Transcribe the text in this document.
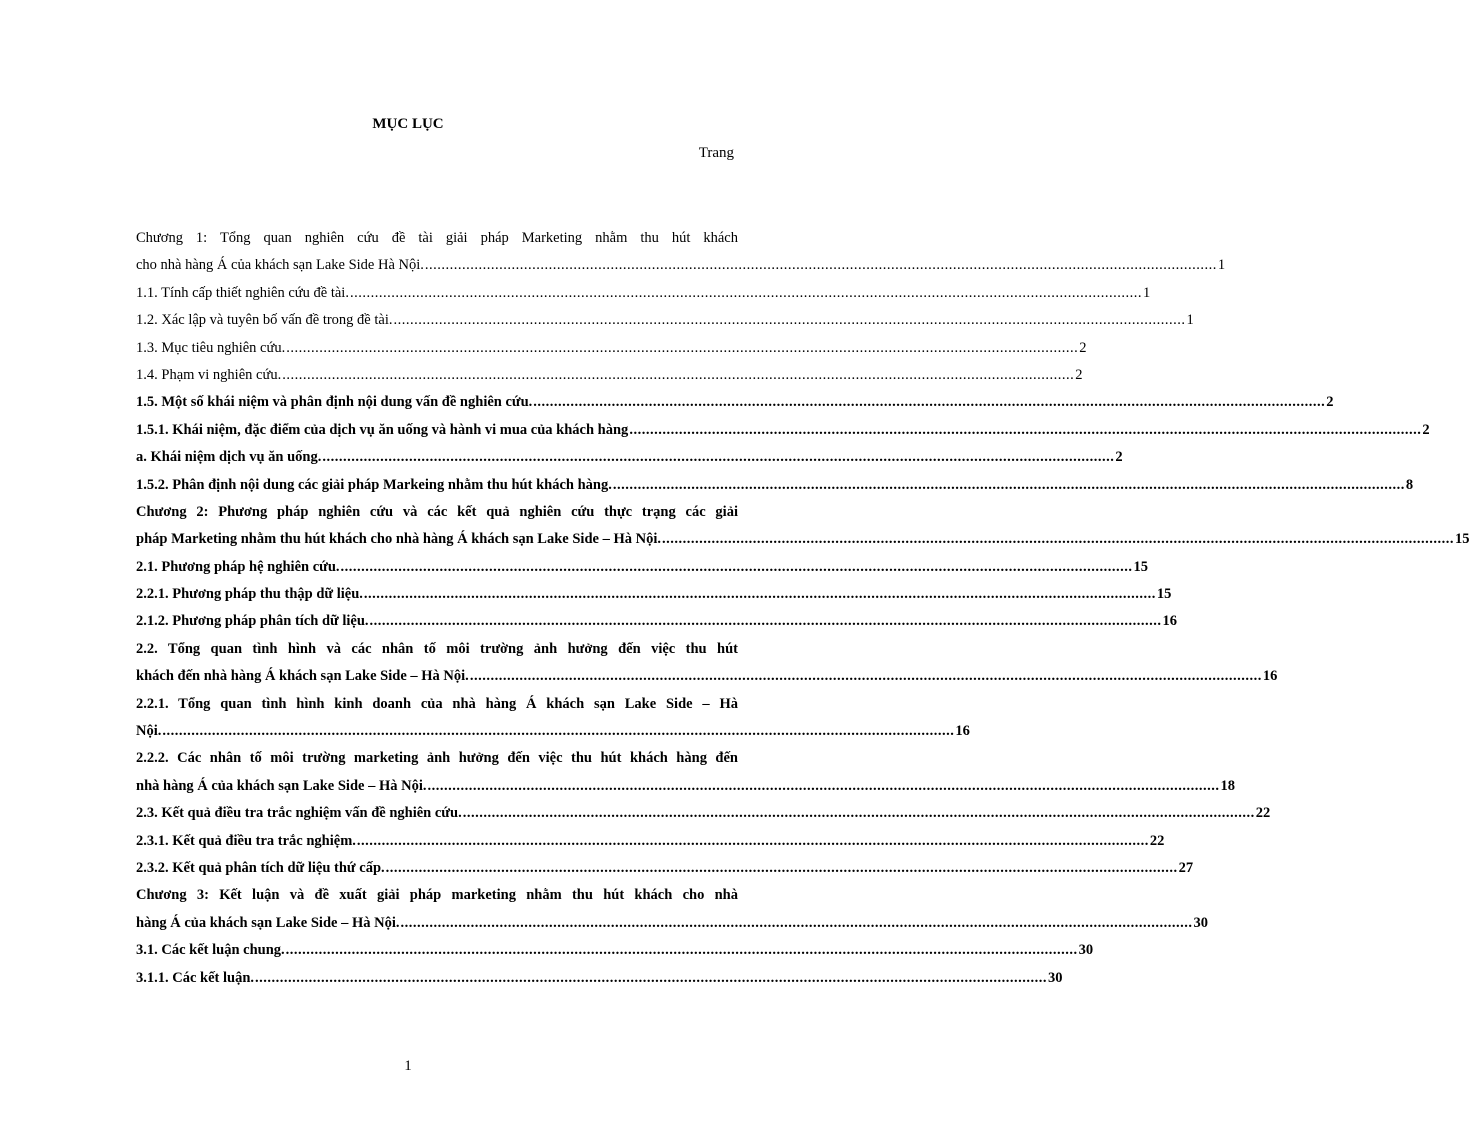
MỤC LỤC
Trang
Chương 1: Tổng quan nghiên cứu đề tài giải pháp Marketing nhằm thu hút khách
cho nhà hàng Á của khách sạn Lake Side Hà Nội. .....	1
1.1. Tính cấp thiết nghiên cứu đề tài. .....	1
1.2. Xác lập và tuyên bố vấn đề trong đề tài. .....	1
1.3. Mục tiêu nghiên cứu. .....	2
1.4. Phạm vi nghiên cứu. .....	2
1.5. Một số khái niệm và phân định nội dung vấn đề nghiên cứu. .....	2
1.5.1. Khái niệm, đặc điểm của dịch vụ ăn uống và hành vi mua của khách hàng .....	2
a. Khái niệm dịch vụ ăn uống. .....	2
1.5.2. Phân định nội dung các giải pháp Markeing nhằm thu hút khách hàng. .....	8
Chương 2: Phương pháp nghiên cứu và các kết quả nghiên cứu thực trạng các giải
pháp Marketing nhằm thu hút khách cho nhà hàng Á khách sạn Lake Side – Hà Nội. .....	15
2.1. Phương pháp hệ nghiên cứu. .....	15
2.2.1. Phương pháp thu thập dữ liệu. .....	15
2.1.2. Phương pháp phân tích dữ liệu. .....	16
2.2. Tổng quan tình hình và các nhân tố môi trường ảnh hưởng đến việc thu hút
khách đến nhà hàng Á khách sạn Lake Side – Hà Nội. .....	16
2.2.1. Tổng quan tình hình kinh doanh của nhà hàng Á khách sạn Lake Side – Hà
Nội. .....	16
2.2.2. Các nhân tố môi trường marketing ảnh hưởng đến việc thu hút khách hàng đến
nhà hàng Á của khách sạn Lake Side – Hà Nội. .....	18
2.3. Kết quả điều tra trắc nghiệm vấn đề nghiên cứu. .....	22
2.3.1. Kết quả điều tra trắc nghiệm. .....	22
2.3.2. Kết quả phân tích dữ liệu thứ cấp. .....	27
Chương 3: Kết luận và đề xuất giải pháp marketing nhằm thu hút khách cho nhà
hàng Á của khách sạn Lake Side – Hà Nội. .....	30
3.1. Các kết luận chung. .....	30
3.1.1. Các kết luận. .....	30
1
